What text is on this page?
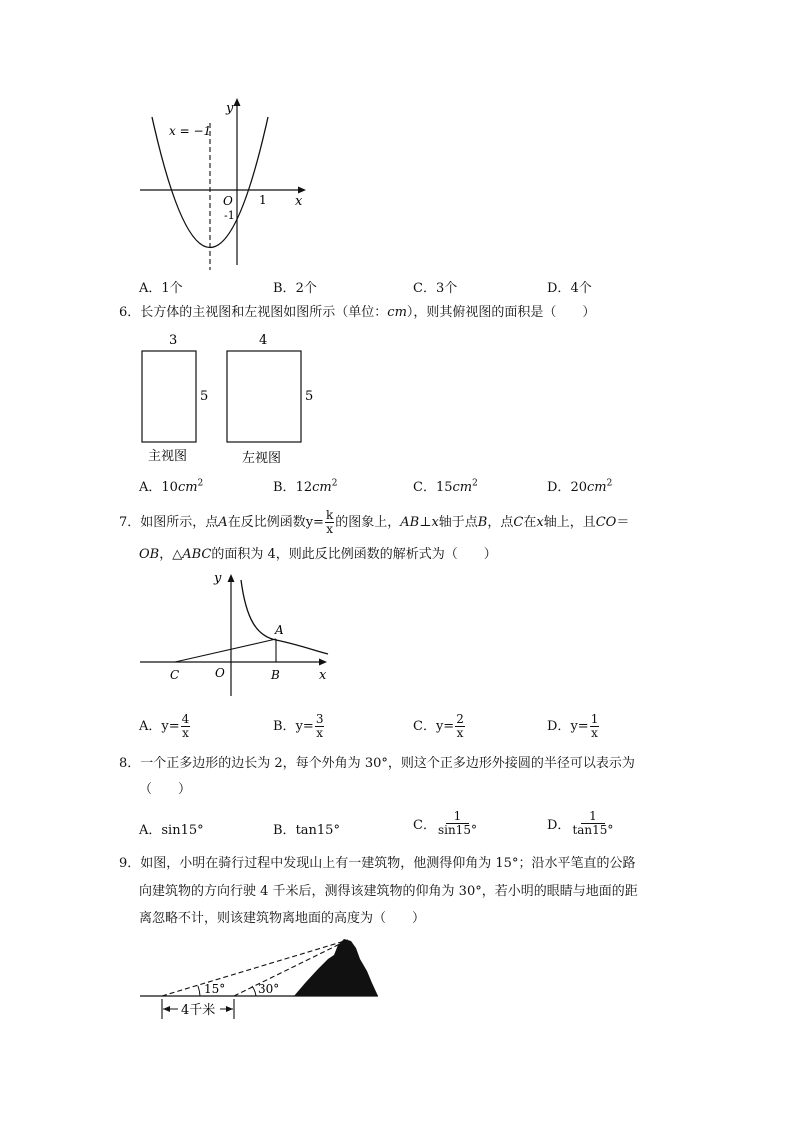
y
x
x = −1
O 1
-1
A．1个	B．2个	C．3个	D．4个
6．长方体的主视图和左视图如图所示（单位：cm），则其俯视图的面积是（　　）
3
5
主视图
4
5
左视图
A．$10cm^2$	B．$12cm^2$	C．$15cm^2$	D．$20cm^2$
7．如图所示，点A在反比例函数$y= \frac{k}{x}$ 的图象上，AB⊥x轴于点B，点C在x轴上，且CO＝
OB，△ABC的面积为 4，则此反比例函数的解析式为（　　）
y
x
O
A
B
C
A．$y= \frac{4}{x}$	B．$y= \frac{3}{x}$	C．$y= \frac{2}{x}$	D．$y= \frac{1}{x}$
8．一个正多边形的边长为 2，每个外角为 30°，则这个正多边形外接圆的半径可以表示为
（　　）
A．sin15°	B．tan15°	C． $\frac{1}{\sin 15^\circ}$	D． $\frac{1}{\tan 15^\circ}$
9．如图，小明在骑行过程中发现山上有一建筑物，他测得仰角为 15°；沿水平笔直的公路
向建筑物的方向行驶 4 千米后，测得该建筑物的仰角为 30°，若小明的眼睛与地面的距
离忽略不计，则该建筑物离地面的高度为（　　）
15°	30°
4千米
